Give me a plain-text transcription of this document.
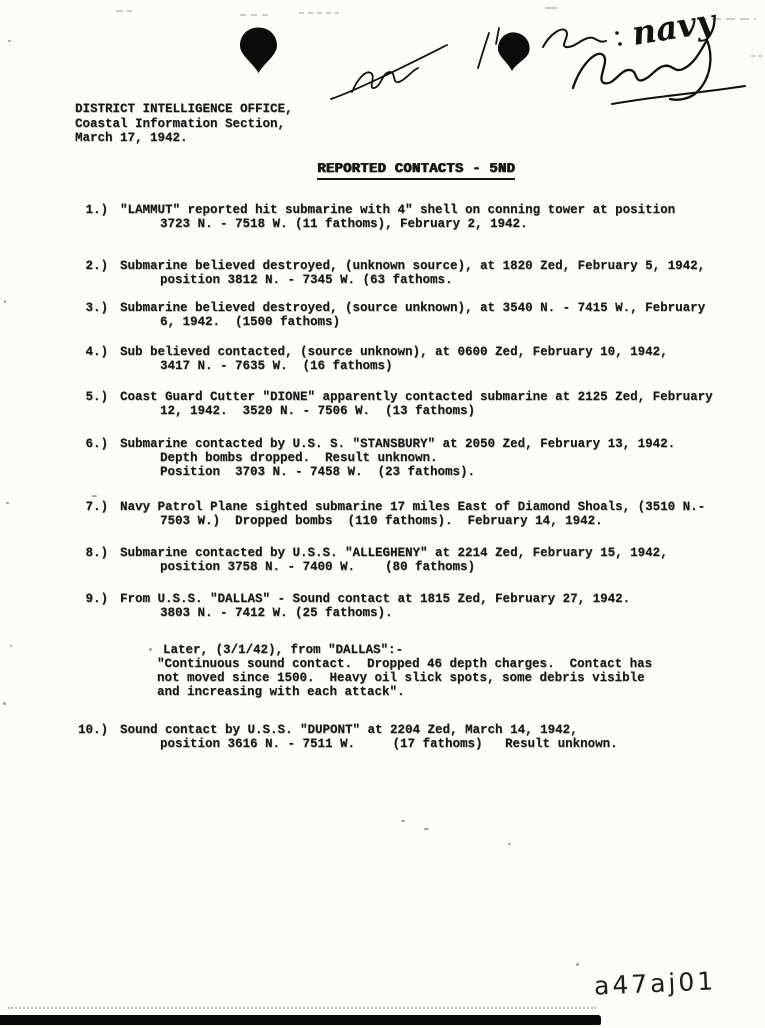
navy
DISTRICT INTELLIGENCE OFFICE,
Coastal Information Section,
March 17, 1942.
REPORTED CONTACTS - 5ND
1.) "LAMMUT" reported hit submarine with 4" shell on conning tower at position
3723 N. - 7518 W. (11 fathoms), February 2, 1942.
2.) Submarine believed destroyed, (unknown source), at 1820 Zed, February 5, 1942,
position 3812 N. - 7345 W. (63 fathoms.
3.) Submarine believed destroyed, (source unknown), at 3540 N. - 7415 W., February
6, 1942.  (1500 fathoms)
4.) Sub believed contacted, (source unknown), at 0600 Zed, February 10, 1942,
3417 N. - 7635 W.  (16 fathoms)
5.) Coast Guard Cutter "DIONE" apparently contacted submarine at 2125 Zed, February
12, 1942.  3520 N. - 7506 W.  (13 fathoms)
6.) Submarine contacted by U.S. S. "STANSBURY" at 2050 Zed, February 13, 1942.
Depth bombs dropped.  Result unknown.
Position  3703 N. - 7458 W.  (23 fathoms).
7.) Navy Patrol Plane sighted submarine 17 miles East of Diamond Shoals, (3510 N.-
7503 W.)  Dropped bombs  (110 fathoms).  February 14, 1942.
8.) Submarine contacted by U.S.S. "ALLEGHENY" at 2214 Zed, February 15, 1942,
position 3758 N. - 7400 W.    (80 fathoms)
9.) From U.S.S. "DALLAS" - Sound contact at 1815 Zed, February 27, 1942.
3803 N. - 7412 W. (25 fathoms).
Later, (3/1/42), from "DALLAS":-
"Continuous sound contact.  Dropped 46 depth charges.  Contact has
not moved since 1500.  Heavy oil slick spots, some debris visible
and increasing with each attack".
10.) Sound contact by U.S.S. "DUPONT" at 2204 Zed, March 14, 1942,
position 3616 N. - 7511 W.     (17 fathoms)   Result unknown.
a47aj01
